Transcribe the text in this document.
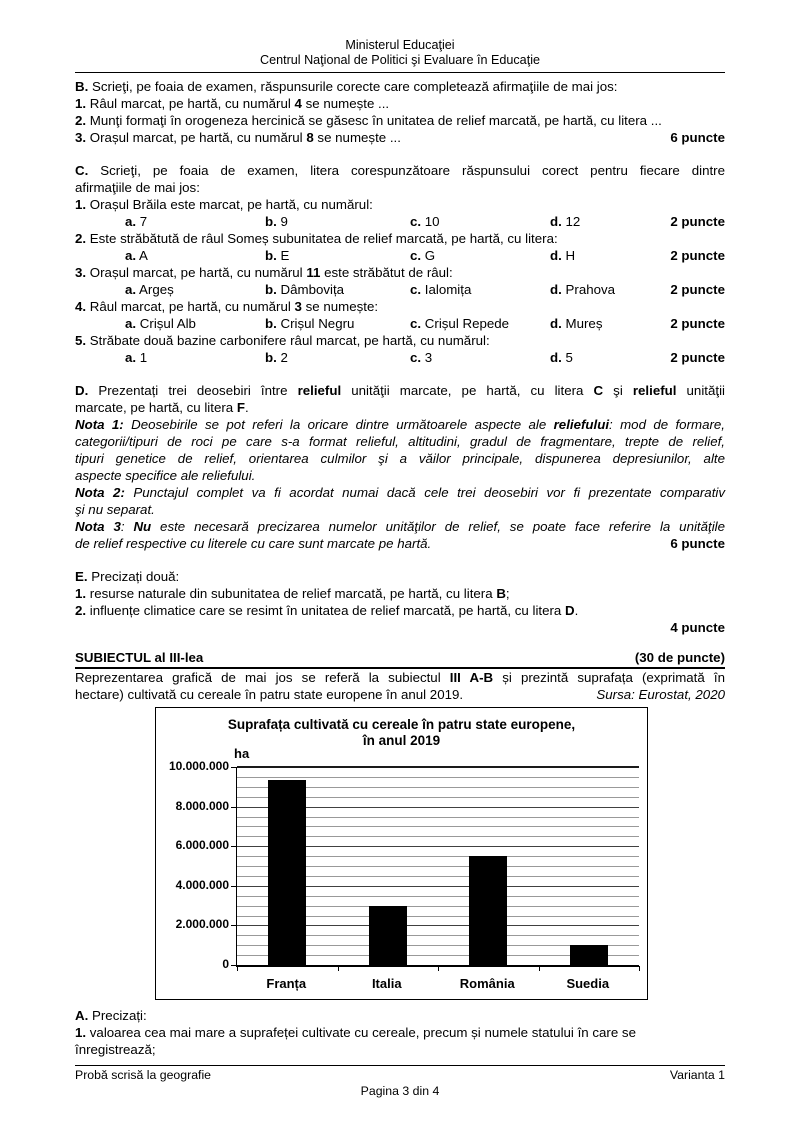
Ministerul Educaţiei
Centrul Naţional de Politici şi Evaluare în Educaţie
B. Scrieţi, pe foaia de examen, răspunsurile corecte care completează afirmaţiile de mai jos:
1. Râul marcat, pe hartă, cu numărul 4 se numește ...
2. Munţi formaţi în orogeneza hercinică se găsesc în unitatea de relief marcată, pe hartă, cu litera ...
3. Orașul marcat, pe hartă, cu numărul 8 se numește ...	6 puncte
C. Scrieţi, pe foaia de examen, litera corespunzătoare răspunsului corect pentru fiecare dintre
afirmaţiile de mai jos:
1. Orașul Brăila este marcat, pe hartă, cu numărul:
a. 7	b. 9	c. 10	d. 12	2 puncte
2. Este străbătută de râul Someș subunitatea de relief marcată, pe hartă, cu litera:
a. A	b. E	c. G	d. H	2 puncte
3. Orașul marcat, pe hartă, cu numărul 11 este străbătut de râul:
a. Argeș	b. Dâmbovița	c. Ialomița	d. Prahova	2 puncte
4. Râul marcat, pe hartă, cu numărul 3 se numește:
a. Crișul Alb	b. Crișul Negru	c. Crișul Repede	d. Mureș	2 puncte
5. Străbate două bazine carbonifere râul marcat, pe hartă, cu numărul:
a. 1	b. 2	c. 3	d. 5	2 puncte
D. Prezentați trei deosebiri între relieful unităţii marcate, pe hartă, cu litera C şi relieful unităţii
marcate, pe hartă, cu litera F.
Nota 1: Deosebirile se pot referi la oricare dintre următoarele aspecte ale reliefului: mod de formare,
categorii/tipuri de roci pe care s-a format relieful, altitudini, gradul de fragmentare, trepte de relief,
tipuri genetice de relief, orientarea culmilor şi a văilor principale, dispunerea depresiunilor, alte
aspecte specifice ale reliefului.
Nota 2: Punctajul complet va fi acordat numai dacă cele trei deosebiri vor fi prezentate comparativ
şi nu separat.
Nota 3: Nu este necesară precizarea numelor unităţilor de relief, se poate face referire la unităţile
de relief respective cu literele cu care sunt marcate pe hartă.	6 puncte
E. Precizați două:
1. resurse naturale din subunitatea de relief marcată, pe hartă, cu litera B;
2. influențe climatice care se resimt în unitatea de relief marcată, pe hartă, cu litera D.
4 puncte
SUBIECTUL al III-lea	(30 de puncte)
Reprezentarea grafică de mai jos se referă la subiectul III A-B și prezintă suprafața (exprimată în
hectare) cultivată cu cereale în patru state europene în anul 2019.	Sursa: Eurostat, 2020
Suprafața cultivată cu cereale în patru state europene,
în anul 2019
ha
0
2.000.000
4.000.000
6.000.000
8.000.000
10.000.000
Franța	Italia	România	Suedia
A. Precizați:
1. valoarea cea mai mare a suprafeței cultivate cu cereale, precum și numele statului în care se
înregistrează;
Probă scrisă la geografie	Varianta 1
Pagina 3 din 4
